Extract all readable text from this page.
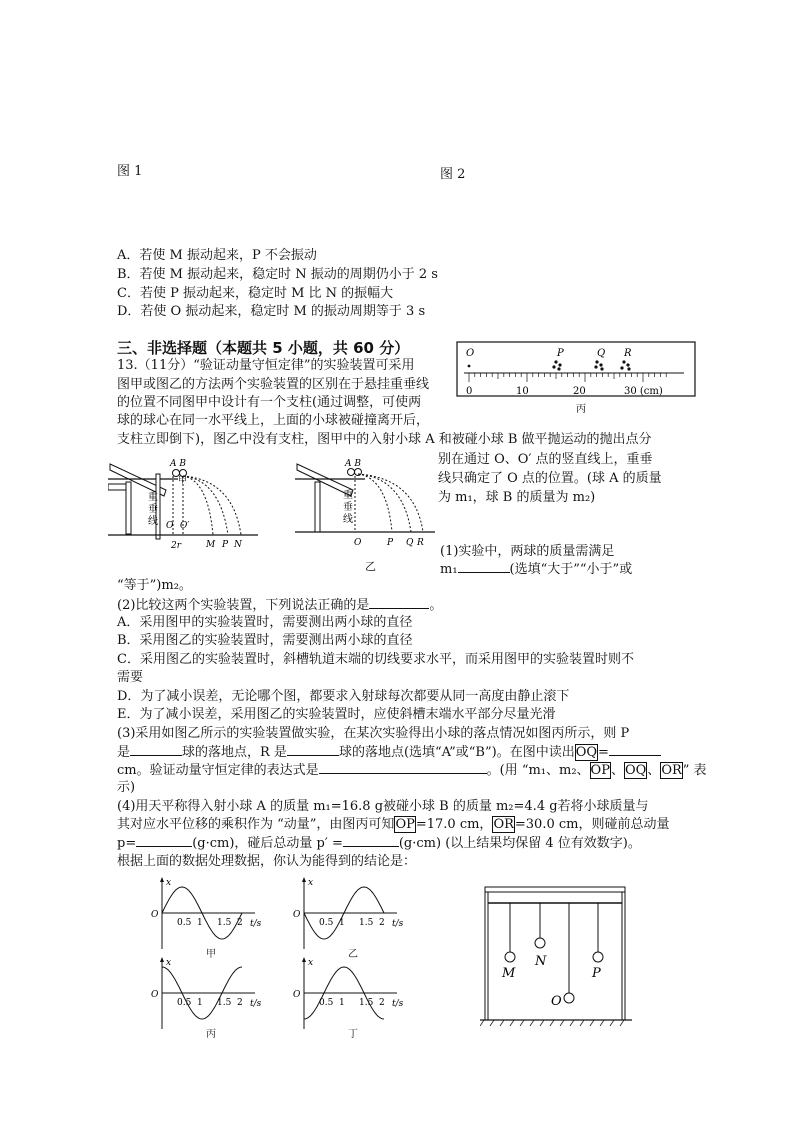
图 1	图 2
A．若使 M 振动起来，P 不会振动
B．若使 M 振动起来，稳定时 N 振动的周期仍小于 2 s
C．若使 P 振动起来，稳定时 M 比 N 的振幅大
D．若使 O 振动起来，稳定时 M 的振动周期等于 3 s
三、非选择题（本题共 5 小题，共 60 分）
13.（11分）“验证动量守恒定律”的实验装置可采用
图甲或图乙的方法两个实验装置的区别在于悬挂重垂线
的位置不同图甲中设计有一个支柱(通过调整，可使两
球的球心在同一水平线上，上面的小球被碰撞离开后，
支柱立即倒下)，图乙中没有支柱，图甲中的入射小球 A 和被碰小球 B 做平抛运动的抛出点分
O	P	Q R
0	10	20	30 (cm)
丙
A B
重
垂
线 O O′
M P N
2r
甲
A B
重
垂
线
O	P Q R
乙
别在通过 O、O′ 点的竖直线上，重垂
线只确定了 O 点的位置。(球 A 的质量
为 m₁，球 B 的质量为 m₂)
(1)实验中，两球的质量需满足
m₁	(选填“大于”“小于”或
“等于”)m₂。
(2)比较这两个实验装置，下列说法正确的是	。
A．采用图甲的实验装置时，需要测出两小球的直径
B．采用图乙的实验装置时，需要测出两小球的直径
C．采用图乙的实验装置时，斜槽轨道末端的切线要求水平，而采用图甲的实验装置时则不
需要
D．为了减小误差，无论哪个图，都要求入射球每次都要从同一高度由静止滚下
E．为了减小误差，采用图乙的实验装置时，应使斜槽末端水平部分尽量光滑
(3)采用如图乙所示的实验装置做实验，在某次实验得出小球的落点情况如图丙所示，则 P
是	球的落地点，R 是	球的落地点(选填“A”或“B”)。在图中读出$\overline{OQ}=$
cm。验证动量守恒定律的表达式是	。(用 “m₁、m₂、OP、OQ、OR” 表
示)
(4)用天平称得入射小球 A 的质量 m₁=16.8 g被碰小球 B 的质量 m₂=4.4 g若将小球质量与
其对应水平位移的乘积作为 “动量”，由图丙可知OP=17.0 cm，OR=30.0 cm，则碰前总动量
p=	(g·cm)，碰后总动量 p′ =	(g·cm) (以上结果均保留 4 位有效数字)。
根据上面的数据处理数据，你认为能得到的结论是：
x
O
0.5 1 1.5 2 t/s
甲
x
O
0.5 1 1.5 2 t/s
乙
x
O
0.5 1 1.5 2 t/s
丙
x
O
0.5 1 1.5 2 t/s
丁
M
N
P
O
